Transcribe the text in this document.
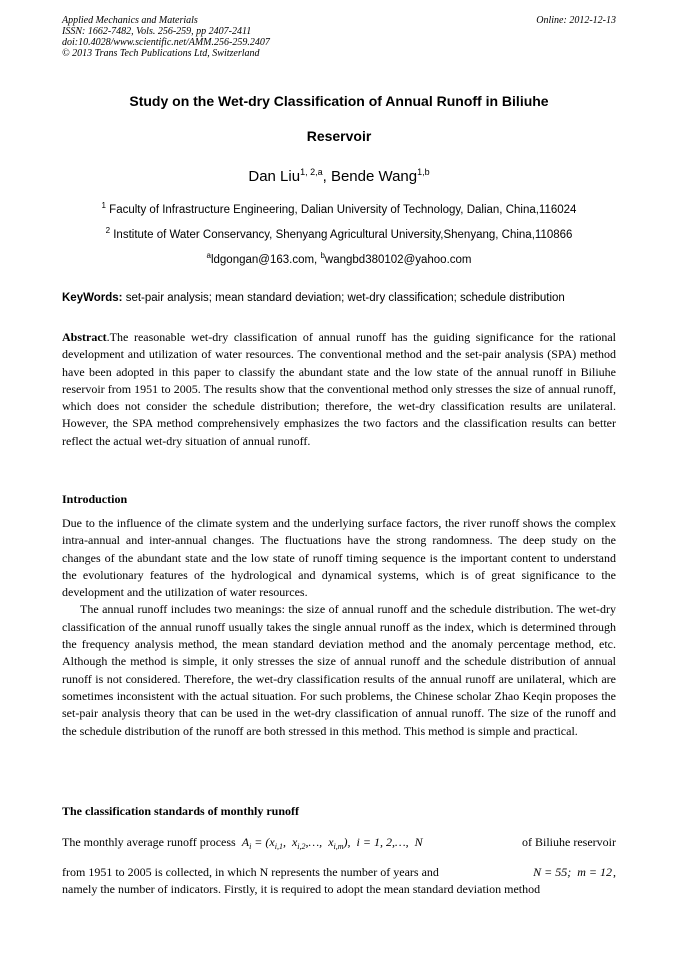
Applied Mechanics and Materials	Online: 2012-12-13
ISSN: 1662-7482, Vols. 256-259, pp 2407-2411
doi:10.4028/www.scientific.net/AMM.256-259.2407
© 2013 Trans Tech Publications Ltd, Switzerland
Study on the Wet-dry Classification of Annual Runoff in Biliuhe
Reservoir
Dan Liu$^{1, 2,a}$, Bende Wang$^{1,b}$
$^1$ Faculty of Infrastructure Engineering, Dalian University of Technology, Dalian, China,116024
$^2$ Institute of Water Conservancy, Shenyang Agricultural University,Shenyang, China,110866
$^a$ldgongan@163.com, $^b$wangbd380102@yahoo.com
KeyWords: set-pair analysis; mean standard deviation; wet-dry classification; schedule distribution

Abstract.The reasonable wet-dry classification of annual runoff has the guiding significance for the rational development and utilization of water resources. The conventional method and the set-pair analysis (SPA) method have been adopted in this paper to classify the abundant state and the low state of the annual runoff in Biliuhe reservoir from 1951 to 2005. The results show that the conventional method only stresses the size of annual runoff, which does not consider the schedule distribution; therefore, the wet-dry classification results are unilateral. However, the SPA method comprehensively emphasizes the two factors and the classification results can better reflect the actual wet-dry situation of annual runoff.

Introduction

Due to the influence of the climate system and the underlying surface factors, the river runoff shows the complex intra-annual and inter-annual changes. The fluctuations have the strong randomness. The deep study on the changes of the abundant state and the low state of runoff timing sequence is the important content to understand the evolutionary features of the hydrological and dynamical systems, which is of great significance to the development and the utilization of water resources.

The annual runoff includes two meanings: the size of annual runoff and the schedule distribution. The wet-dry classification of the annual runoff usually takes the single annual runoff as the index, which is determined through the frequency analysis method, the mean standard deviation method and the anomaly percentage method, etc. Although the method is simple, it only stresses the size of annual runoff and the schedule distribution of annual runoff is not considered. Therefore, the wet-dry classification results of the annual runoff are unilateral, which are sometimes inconsistent with the actual situation. For such problems, the Chinese scholar Zhao Keqin proposes the set-pair analysis theory that can be used in the wet-dry classification of annual runoff. The size of the runoff and the schedule distribution of the runoff are both stressed in this method. This method is simple and practical.

The classification standards of monthly runoff
The monthly average runoff process $A_i = (x_{i,1}$,  $x_{i,2},\dots$,  $x_{i,m}$),  i = 1, 2,…,  N	of Biliuhe reservoir
from 1951 to 2005 is collected, in which N represents the number of years and	N = 55;  m = 12 ,
namely the number of indicators. Firstly, it is required to adopt the mean standard deviation method
